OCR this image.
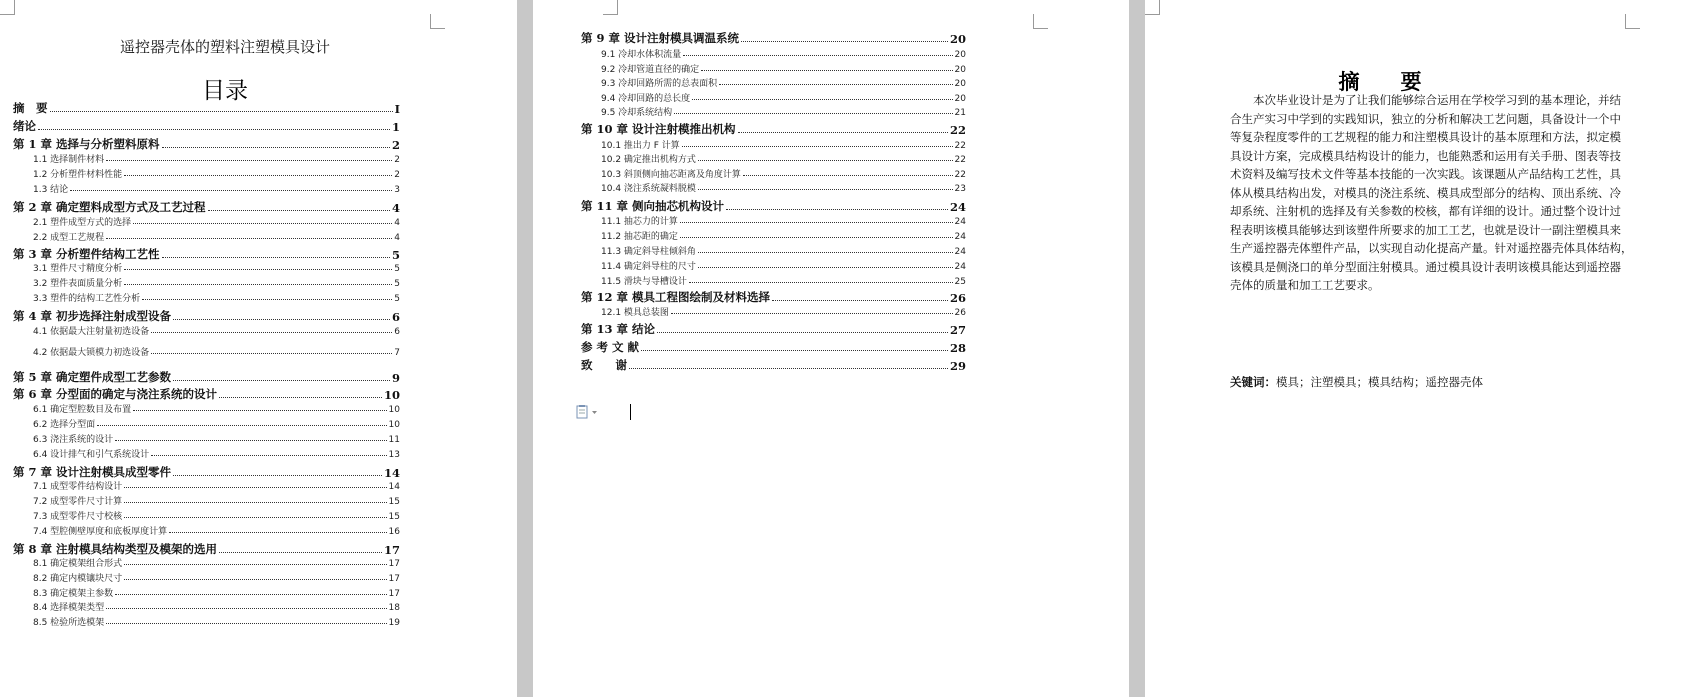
遥控器壳体的塑料注塑模具设计
目录
摘　要	I
绪论	1
第 1 章 选择与分析塑料原料	2
1.1 选择制件材料	2
1.2 分析塑件材料性能	2
1.3 结论	3
第 2 章 确定塑料成型方式及工艺过程	4
2.1 塑件成型方式的选择	4
2.2 成型工艺规程	4
第 3 章 分析塑件结构工艺性	5
3.1 塑件尺寸精度分析	5
3.2 塑件表面质量分析	5
3.3 塑件的结构工艺性分析	5
第 4 章 初步选择注射成型设备	6
4.1 依据最大注射量初选设备	6
4.2 依据最大锁模力初选设备	7
第 5 章 确定塑件成型工艺参数	9
第 6 章 分型面的确定与浇注系统的设计	10
6.1 确定型腔数目及布置	10
6.2 选择分型面	10
6.3 浇注系统的设计	11
6.4 设计排气和引气系统设计	13
第 7 章 设计注射模具成型零件	14
7.1 成型零件结构设计	14
7.2 成型零件尺寸计算	15
7.3 成型零件尺寸校核	15
7.4 型腔侧壁厚度和底板厚度计算	16
第 8 章 注射模具结构类型及模架的选用	17
8.1 确定模架组合形式	17
8.2 确定内模镶块尺寸	17
8.3 确定模架主参数	17
8.4 选择模架类型	18
8.5 检验所选模架	19
第 9 章 设计注射模具调温系统	20
9.1 冷却水体积流量	20
9.2 冷却管道直径的确定	20
9.3 冷却回路所需的总表面积	20
9.4 冷却回路的总长度	20
9.5 冷却系统结构	21
第 10 章 设计注射模推出机构	22
10.1 推出力 F 计算	22
10.2 确定推出机构方式	22
10.3 斜顶侧向抽芯距离及角度计算	22
10.4 浇注系统凝料脱模	23
第 11 章 侧向抽芯机构设计	24
11.1 抽芯力的计算	24
11.2 抽芯距的确定	24
11.3 确定斜导柱倾斜角	24
11.4 确定斜导柱的尺寸	24
11.5 滑块与导槽设计	25
第 12 章 模具工程图绘制及材料选择	26
12.1 模具总装图	26
第 13 章 结论	27
参 考 文 献	28
致　　谢	29
摘　要
　　本次毕业设计是为了让我们能够综合运用在学校学习到的基本理论，并结
合生产实习中学到的实践知识，独立的分析和解决工艺问题，具备设计一个中
等复杂程度零件的工艺规程的能力和注塑模具设计的基本原理和方法，拟定模
具设计方案，完成模具结构设计的能力，也能熟悉和运用有关手册、图表等技
术资料及编写技术文件等基本技能的一次实践。该课题从产品结构工艺性，具
体从模具结构出发，对模具的浇注系统、模具成型部分的结构、顶出系统、冷
却系统、注射机的选择及有关参数的校核，都有详细的设计。通过整个设计过
程表明该模具能够达到该塑件所要求的加工工艺，也就是设计一副注塑模具来
生产遥控器壳体塑件产品，以实现自动化提高产量。针对遥控器壳体具体结构，
该模具是侧浇口的单分型面注射模具。通过模具设计表明该模具能达到遥控器
壳体的质量和加工工艺要求。
关键词：模具；注塑模具；模具结构；遥控器壳体
